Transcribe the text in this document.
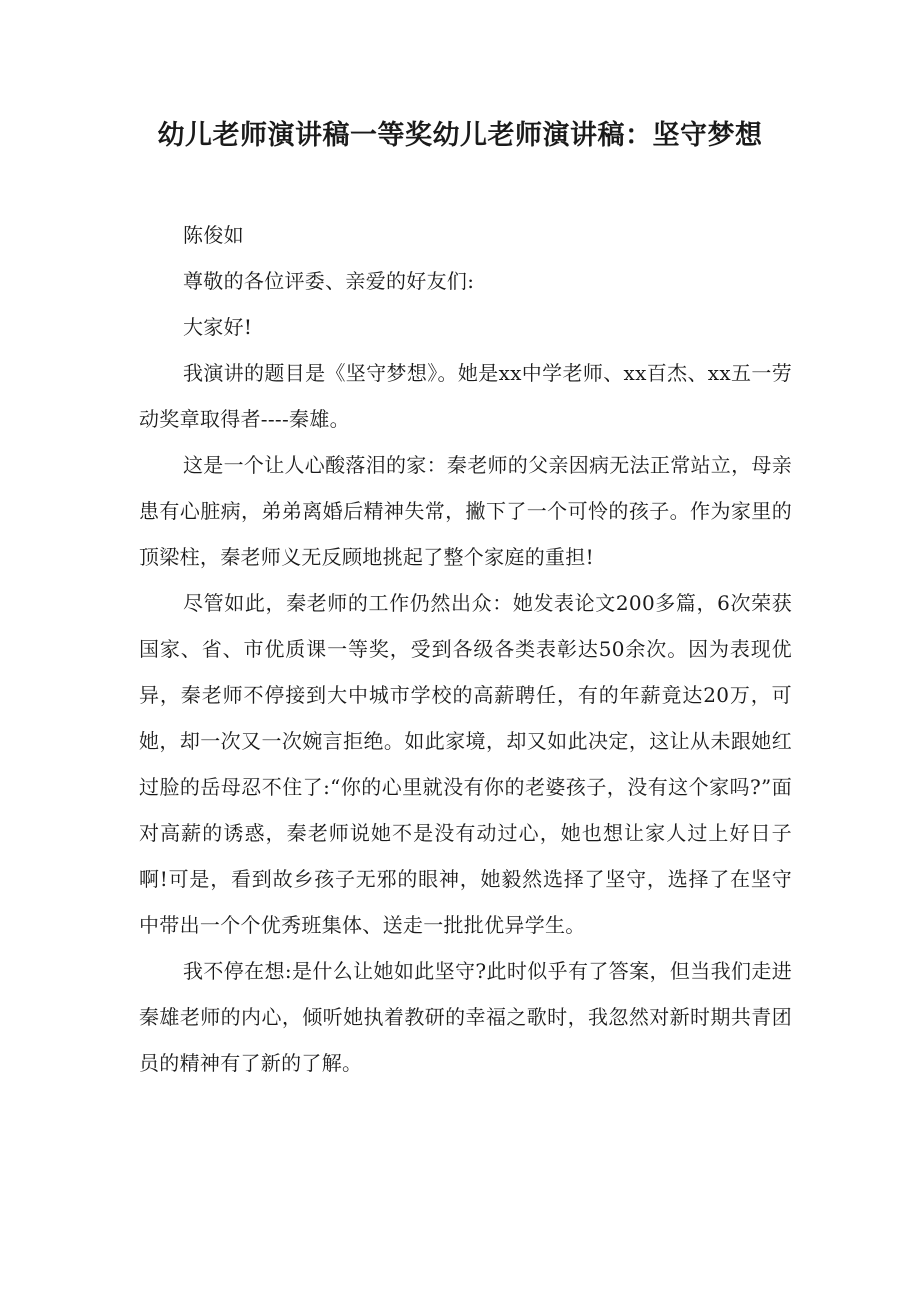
幼儿老师演讲稿一等奖幼儿老师演讲稿：坚守梦想

陈俊如

尊敬的各位评委、亲爱的好友们:

大家好!

我演讲的题目是《坚守梦想》。她是xx中学老师、xx百杰、xx五一劳动奖章取得者----秦雄。

这是一个让人心酸落泪的家：秦老师的父亲因病无法正常站立，母亲患有心脏病，弟弟离婚后精神失常，撇下了一个可怜的孩子。作为家里的顶梁柱，秦老师义无反顾地挑起了整个家庭的重担!

尽管如此，秦老师的工作仍然出众：她发表论文200多篇，6次荣获国家、省、市优质课一等奖，受到各级各类表彰达50余次。因为表现优异，秦老师不停接到大中城市学校的高薪聘任，有的年薪竟达20万，可她，却一次又一次婉言拒绝。如此家境，却又如此决定，这让从未跟她红过脸的岳母忍不住了:“你的心里就没有你的老婆孩子，没有这个家吗?”面对高薪的诱惑，秦老师说她不是没有动过心，她也想让家人过上好日子啊!可是，看到故乡孩子无邪的眼神，她毅然选择了坚守，选择了在坚守中带出一个个优秀班集体、送走一批批优异学生。

我不停在想:是什么让她如此坚守?此时似乎有了答案，但当我们走进秦雄老师的内心，倾听她执着教研的幸福之歌时，我忽然对新时期共青团员的精神有了新的了解。
